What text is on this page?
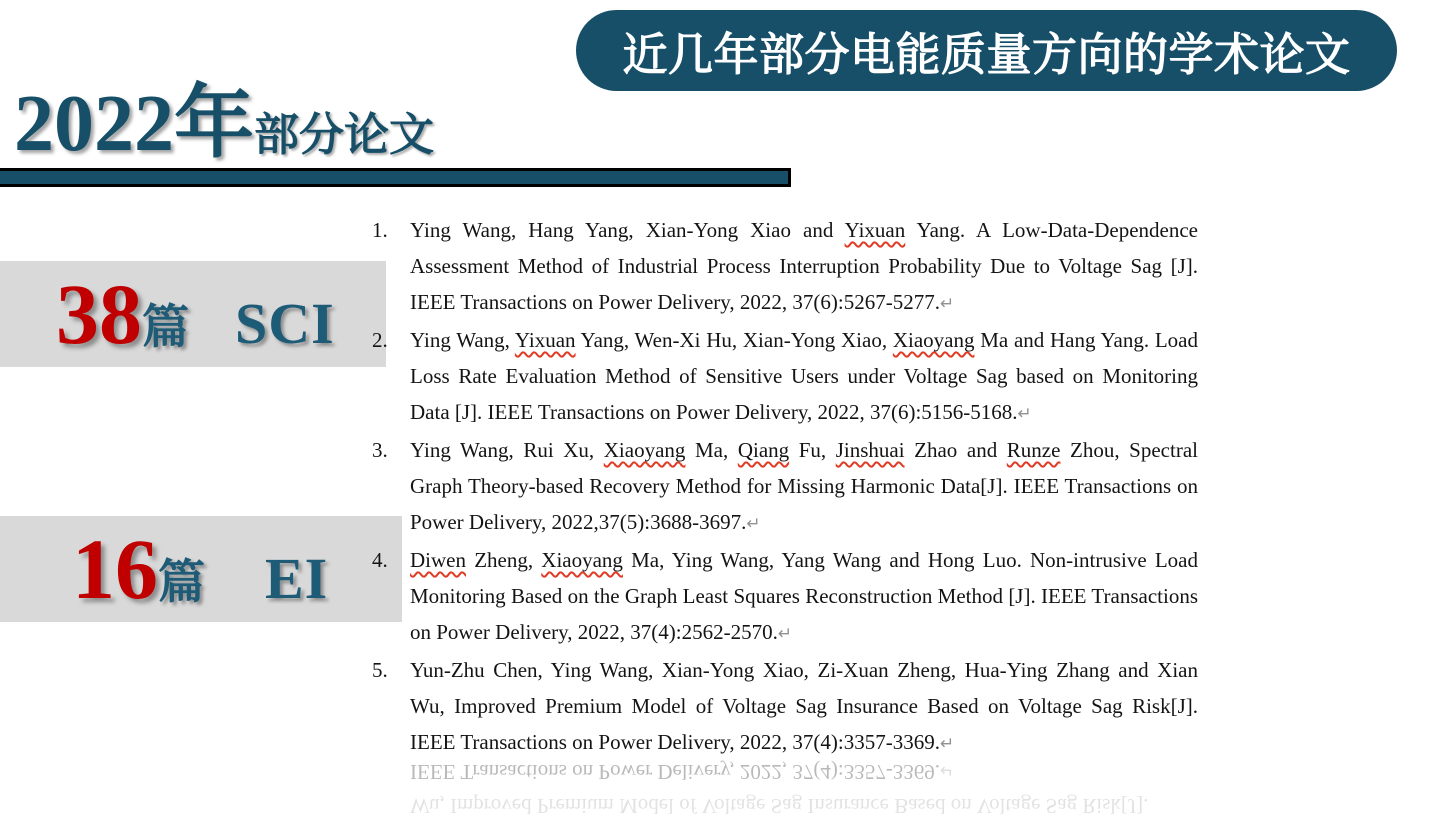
近几年部分电能质量方向的学术论文
2022年部分论文
38 篇 SCI
16 篇 EI
1. Ying Wang, Hang Yang, Xian-Yong Xiao and Yixuan Yang. A Low-Data-Dependence Assessment Method of Industrial Process Interruption Probability Due to Voltage Sag [J]. IEEE Transactions on Power Delivery, 2022, 37(6):5267-5277.↵
2. Ying Wang, Yixuan Yang, Wen-Xi Hu, Xian-Yong Xiao, Xiaoyang Ma and Hang Yang. Load Loss Rate Evaluation Method of Sensitive Users under Voltage Sag based on Monitoring Data [J]. IEEE Transactions on Power Delivery, 2022, 37(6):5156-5168.↵
3. Ying Wang, Rui Xu, Xiaoyang Ma, Qiang Fu, Jinshuai Zhao and Runze Zhou, Spectral Graph Theory-based Recovery Method for Missing Harmonic Data[J]. IEEE Transactions on Power Delivery, 2022,37(5):3688-3697.↵
4. Diwen Zheng, Xiaoyang Ma, Ying Wang, Yang Wang and Hong Luo. Non-intrusive Load Monitoring Based on the Graph Least Squares Reconstruction Method [J]. IEEE Transactions on Power Delivery, 2022, 37(4):2562-2570.↵
5. Yun-Zhu Chen, Ying Wang, Xian-Yong Xiao, Zi-Xuan Zheng, Hua-Ying Zhang and Xian Wu, Improved Premium Model of Voltage Sag Insurance Based on Voltage Sag Risk[J]. IEEE Transactions on Power Delivery, 2022, 37(4):3357-3369.↵
IEEE Transactions on Power Delivery, 2022, 37(4):3357-3369.↵
Wu, Improved Premium Model of Voltage Sag Insurance Based on Voltage Sag Risk[J].
